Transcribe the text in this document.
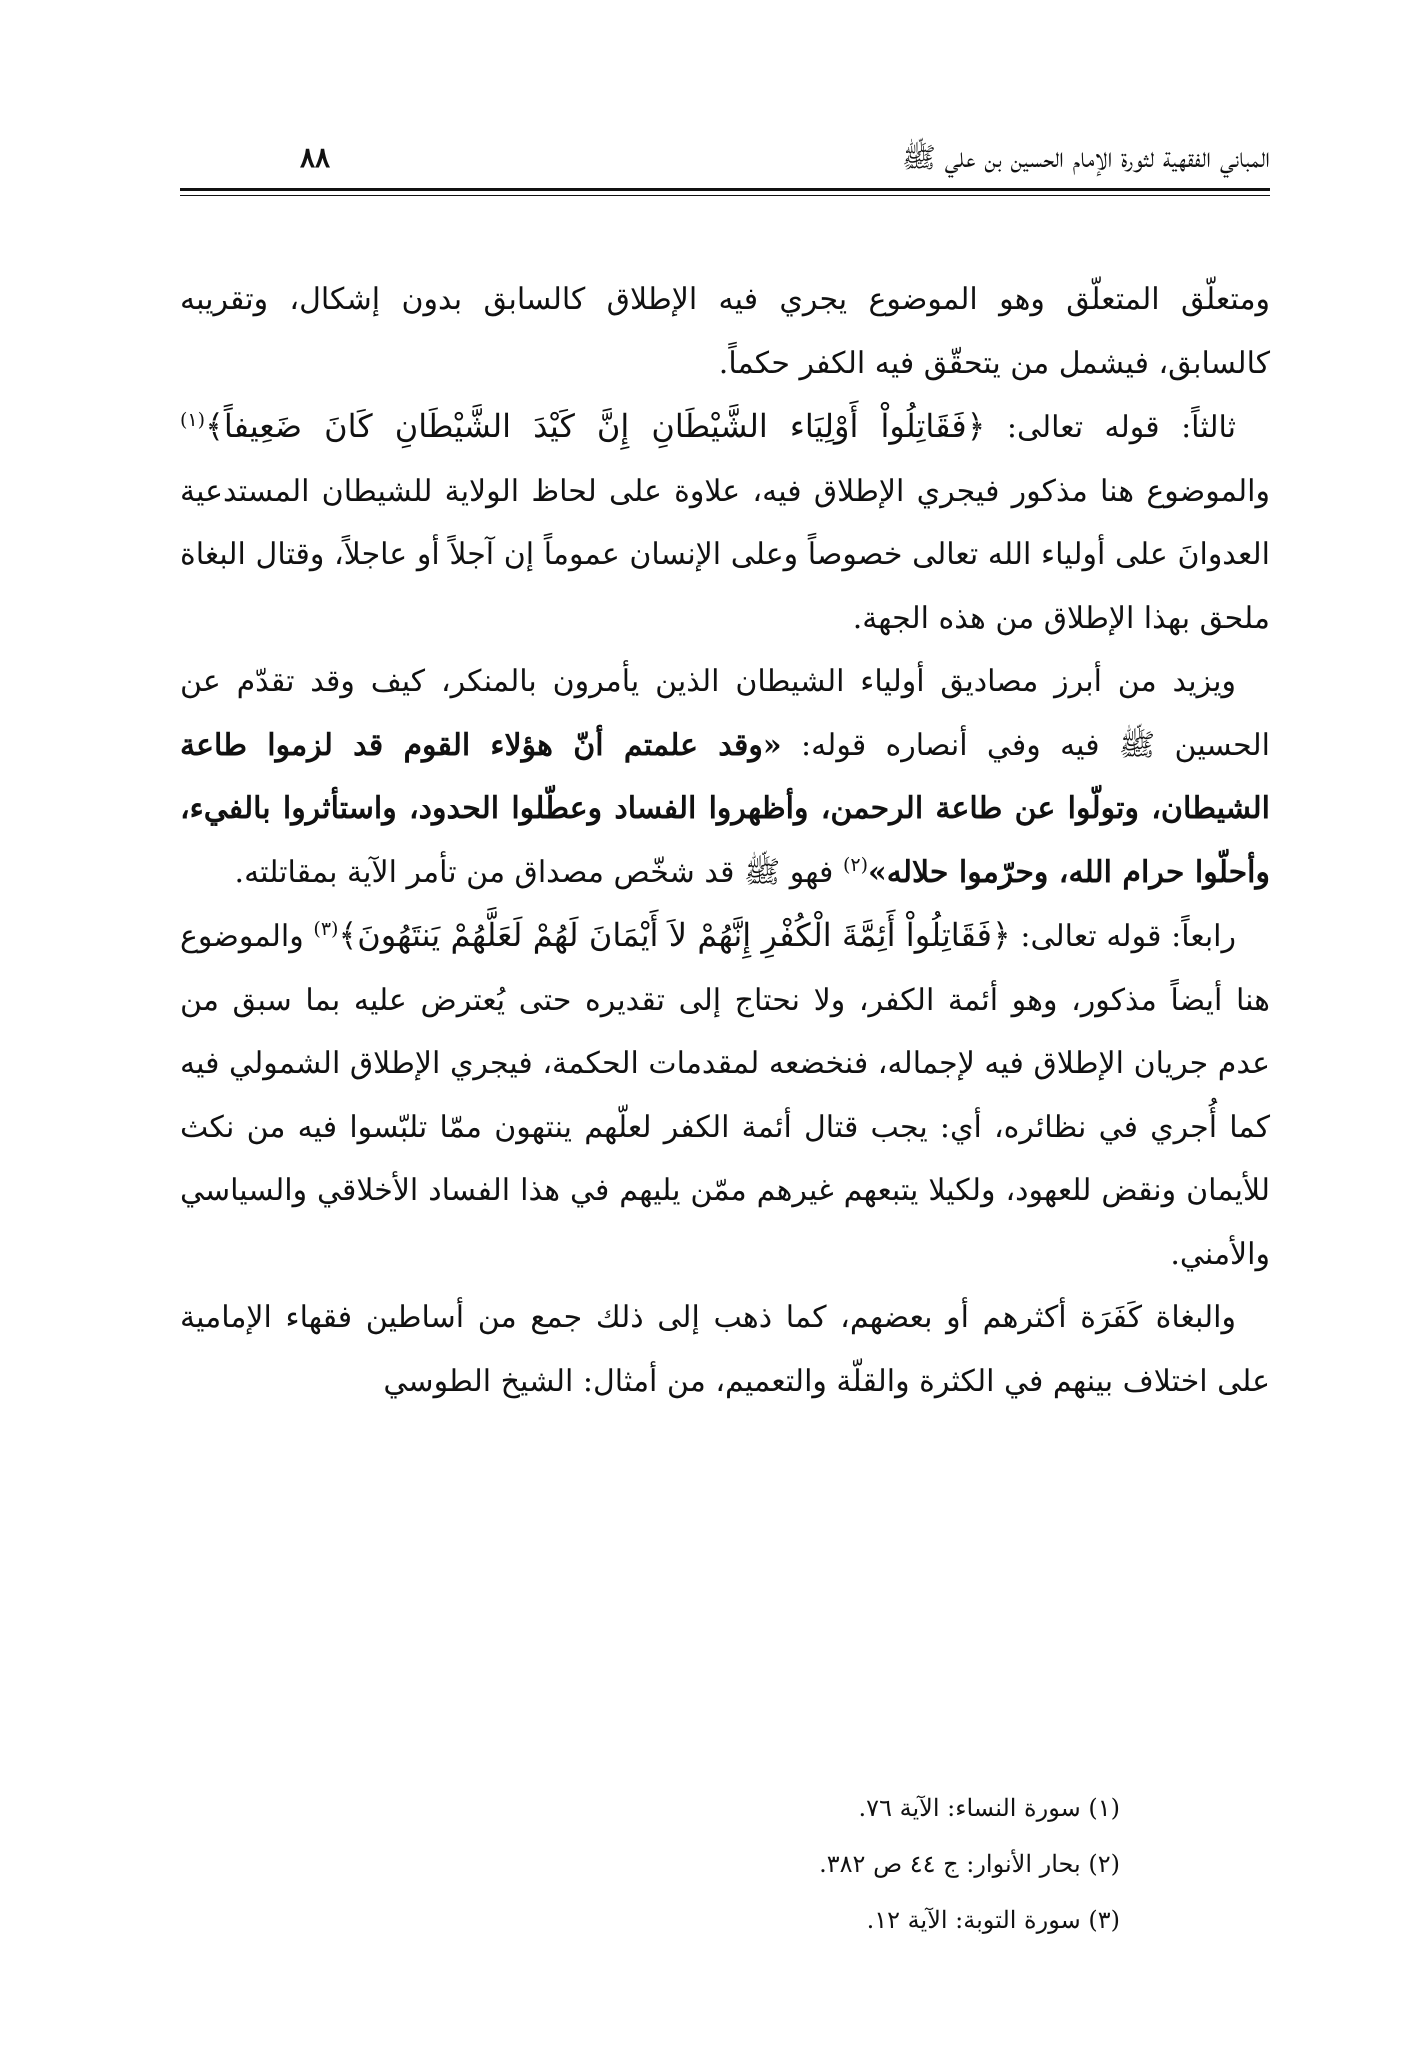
المباني الفقهية لثورة الإمام الحسين بن علي ﷺ
٨٨

ومتعلّق المتعلّق وهو الموضوع يجري فيه الإطلاق كالسابق بدون إشكال، وتقريبه كالسابق، فيشمل من يتحقّق فيه الكفر حكماً.

ثالثاً: قوله تعالى: ﴿فَقَاتِلُواْ أَوْلِيَاء الشَّيْطَانِ إِنَّ كَيْدَ الشَّيْطَانِ كَانَ ضَعِيفاً﴾$^{(١)}$ والموضوع هنا مذكور فيجري الإطلاق فيه، علاوة على لحاظ الولاية للشيطان المستدعية العدوانَ على أولياء الله تعالى خصوصاً وعلى الإنسان عموماً إن آجلاً أو عاجلاً، وقتال البغاة ملحق بهذا الإطلاق من هذه الجهة.

ويزيد من أبرز مصاديق أولياء الشيطان الذين يأمرون بالمنكر، كيف وقد تقدّم عن الحسين ﷺ فيه وفي أنصاره قوله: «وقد علمتم أنّ هؤلاء القوم قد لزموا طاعة الشيطان، وتولّوا عن طاعة الرحمن، وأظهروا الفساد وعطّلوا الحدود، واستأثروا بالفيء، وأحلّوا حرام الله، وحرّموا حلاله»$^{(٢)}$ فهو ﷺ قد شخّص مصداق من تأمر الآية بمقاتلته.

رابعاً: قوله تعالى: ﴿فَقَاتِلُواْ أَئِمَّةَ الْكُفْرِ إِنَّهُمْ لاَ أَيْمَانَ لَهُمْ لَعَلَّهُمْ يَنتَهُونَ﴾$^{(٣)}$ والموضوع هنا أيضاً مذكور، وهو أئمة الكفر، ولا نحتاج إلى تقديره حتى يُعترض عليه بما سبق من عدم جريان الإطلاق فيه لإجماله، فنخضعه لمقدمات الحكمة، فيجري الإطلاق الشمولي فيه كما أُجري في نظائره، أي: يجب قتال أئمة الكفر لعلّهم ينتهون ممّا تلبّسوا فيه من نكث للأيمان ونقض للعهود، ولكيلا يتبعهم غيرهم ممّن يليهم في هذا الفساد الأخلاقي والسياسي والأمني.

والبغاة كَفَرَة أكثرهم أو بعضهم، كما ذهب إلى ذلك جمع من أساطين فقهاء الإمامية على اختلاف بينهم في الكثرة والقلّة والتعميم، من أمثال: الشيخ الطوسي

(١) سورة النساء: الآية ٧٦.
(٢) بحار الأنوار: ج ٤٤ ص ٣٨٢.
(٣) سورة التوبة: الآية ١٢.
